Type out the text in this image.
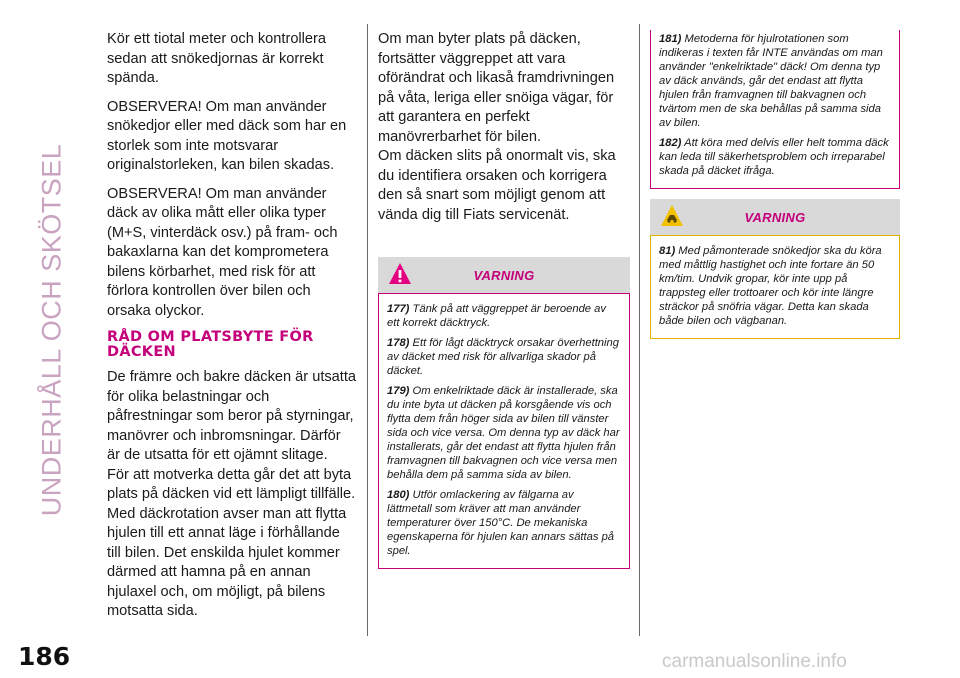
UNDERHÅLL OCH SKÖTSEL

Kör ett tiotal meter och kontrollera sedan att snökedjornas är korrekt spända.

OBSERVERA! Om man använder snökedjor eller med däck som har en storlek som inte motsvarar originalstorleken, kan bilen skadas.

OBSERVERA! Om man använder däck av olika mått eller olika typer (M+S, vinterdäck osv.) på fram- och bakaxlarna kan det komprometera bilens körbarhet, med risk för att förlora kontrollen över bilen och orsaka olyckor.

RÅD OM PLATSBYTE FÖR DÄCKEN

De främre och bakre däcken är utsatta för olika belastningar och påfrestningar som beror på styrningar, manövrer och inbromsningar. Därför är de utsatta för ett ojämnt slitage.

För att motverka detta går det att byta plats på däcken vid ett lämpligt tillfälle. Med däckrotation avser man att flytta hjulen till ett annat läge i förhållande till bilen. Det enskilda hjulet kommer därmed att hamna på en annan hjulaxel och, om möjligt, på bilens motsatta sida.

Om man byter plats på däcken, fortsätter väggreppet att vara oförändrat och likaså framdrivningen på våta, leriga eller snöiga vägar, för att garantera en perfekt manövrerbarhet för bilen.

Om däcken slits på onormalt vis, ska du identifiera orsaken och korrigera den så snart som möjligt genom att vända dig till Fiats servicenät.

VARNING
177) Tänk på att väggreppet är beroende av ett korrekt däcktryck.
178) Ett för lågt däcktryck orsakar överhettning av däcket med risk för allvarliga skador på däcket.
179) Om enkelriktade däck är installerade, ska du inte byta ut däcken på korsgående vis och flytta dem från höger sida av bilen till vänster sida och vice versa. Om denna typ av däck har installerats, går det endast att flytta hjulen från framvagnen till bakvagnen och vice versa men behålla dem på samma sida av bilen.
180) Utför omlackering av fälgarna av lättmetall som kräver att man använder temperaturer över 150°C. De mekaniska egenskaperna för hjulen kan annars sättas på spel.
181) Metoderna för hjulrotationen som indikeras i texten får INTE användas om man använder "enkelriktade" däck! Om denna typ av däck används, går det endast att flytta hjulen från framvagnen till bakvagnen och tvärtom men de ska behållas på samma sida av bilen.
182) Att köra med delvis eller helt tomma däck kan leda till säkerhetsproblem och irreparabel skada på däcket ifråga.
VARNING
81) Med påmonterade snökedjor ska du köra med måttlig hastighet och inte fortare än 50 km/tim. Undvik gropar, kör inte upp på trappsteg eller trottoarer och kör inte längre sträckor på snöfria vägar. Detta kan skada både bilen och vägbanan.
186	carmanualsonline.info
